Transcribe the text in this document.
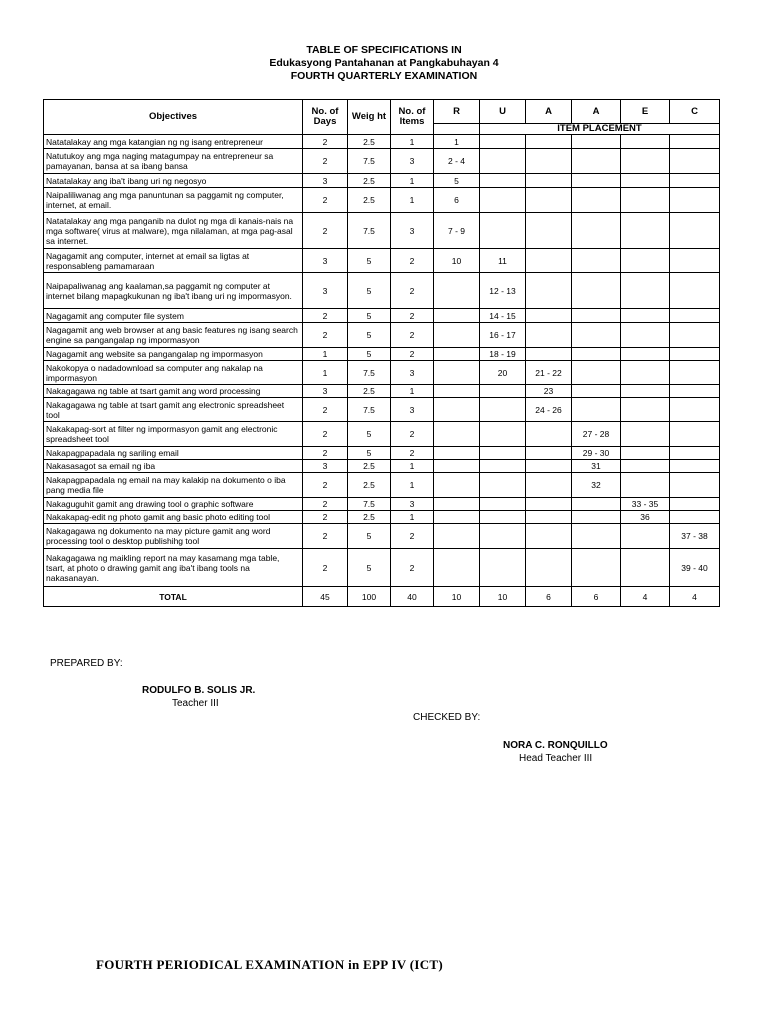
TABLE OF SPECIFICATIONS IN
Edukasyong Pantahanan at Pangkabuhayan 4
FOURTH QUARTERLY EXAMINATION
Objectives	No. of Days	Weig ht	No. of Items	R	U	A	A	E	C
					ITEM PLACEMENT				
Natatalakay ang mga katangian ng ng isang entrepreneur	2	2.5	1	1					
Natutukoy ang mga naging matagumpay na entrepreneur sa pamayanan, bansa at sa ibang bansa	2	7.5	3	2 - 4					
Natatalakay ang iba't ibang uri ng negosyo	3	2.5	1	5					
Naipaliliwanag ang mga panuntunan sa paggamit ng computer, internet, at email.	2	2.5	1	6					
Natatalakay ang mga panganib na dulot ng mga di kanais-nais na mga software( virus at malware), mga nilalaman, at mga pag-asal sa internet.	2	7.5	3	7 - 9					
Nagagamit ang computer, internet at email sa ligtas at responsableng pamamaraan	3	5	2	10	11				
Naipapaliwanag ang kaalaman,sa paggamit ng computer at internet bilang mapagkukunan ng iba't ibang uri ng impormasyon.	3	5	2		12 - 13				
Nagagamit ang computer file system	2	5	2		14 - 15				
Nagagamit ang web browser at ang basic features ng isang search engine sa pangangalap ng impormasyon	2	5	2		16 - 17				
Nagagamit ang website sa pangangalap ng impormasyon	1	5	2		18 - 19				
Nakokopya o nadadownload sa computer ang nakalap na impormasyon	1	7.5	3		20	21 - 22			
Nakagagawa ng table at tsart gamit ang word processing	3	2.5	1			23			
Nakagagawa ng table at tsart gamit ang electronic spreadsheet tool	2	7.5	3			24 - 26			
Nakakapag-sort at filter ng impormasyon gamit ang electronic spreadsheet tool	2	5	2				27 - 28		
Nakapagpapadala ng sariling email	2	5	2				29 - 30		
Nakasasagot sa email ng iba	3	2.5	1				31		
Nakapagpapadala ng email na may kalakip na dokumento o iba pang media file	2	2.5	1				32		
Nakaguguhit gamit ang drawing tool o graphic software	2	7.5	3					33 - 35	
Nakakapag-edit ng photo gamit ang basic photo editing tool	2	2.5	1					36	
Nakagagawa ng dokumento na may picture gamit ang word processing tool o desktop publishihg tool	2	5	2						37 - 38
Nakagagawa ng maikling report na may kasamang mga table, tsart, at photo o drawing gamit ang iba't ibang tools na nakasanayan.	2	5	2						39 - 40
TOTAL	45	100	40	10	10	6	6	4	4
PREPARED BY:
RODULFO B. SOLIS JR.
Teacher III
CHECKED BY:
NORA C. RONQUILLO
Head Teacher III
FOURTH PERIODICAL EXAMINATION in EPP IV (ICT)
